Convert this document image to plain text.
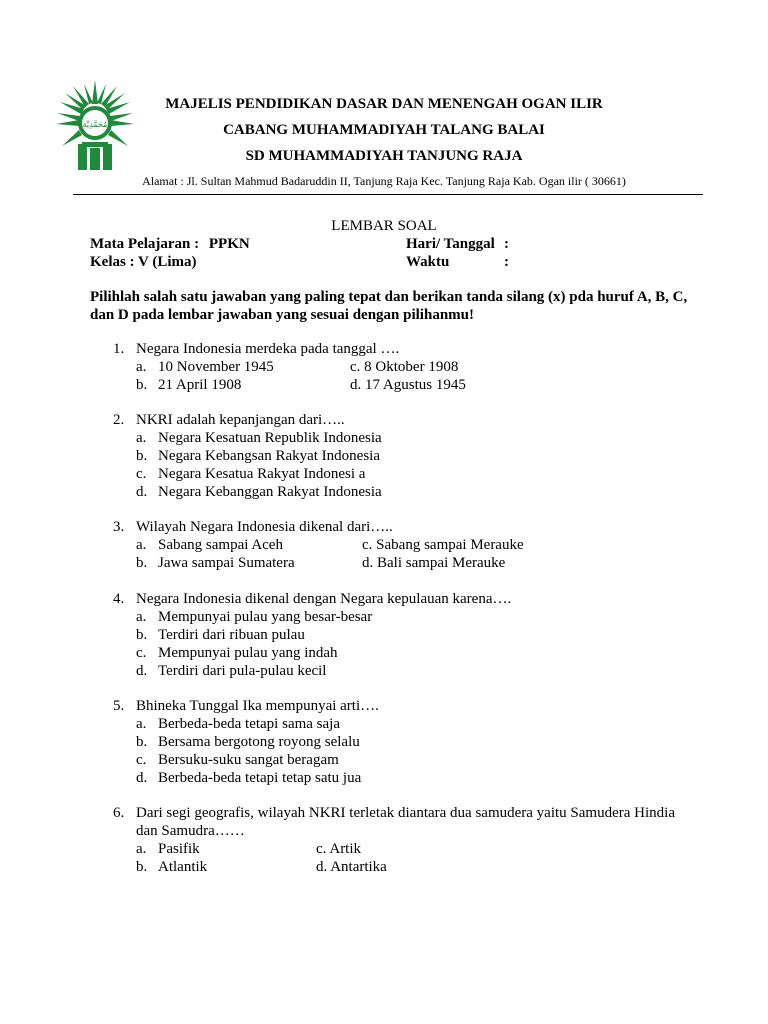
مُحَمَّدِيَّة

MAJELIS PENDIDIKAN DASAR DAN MENENGAH OGAN ILIR

CABANG MUHAMMADIYAH TALANG BALAI

SD MUHAMMADIYAH TANJUNG RAJA

Alamat : Jl. Sultan Mahmud Badaruddin II, Tanjung Raja Kec. Tanjung Raja Kab. Ogan ilir ( 30661)
LEMBAR SOAL
Mata Pelajaran : PPKN
Kelas : V (Lima)
Hari/ Tanggal :
Waktu	:
Pilihlah salah satu jawaban yang paling tepat dan berikan tanda silang (x) pda huruf A, B, C, dan D pada lembar jawaban yang sesuai dengan pilihanmu!
1. Negara Indonesia merdeka pada tanggal ….
a. 10 November 1945
b. 21 April 1908
c. 8 Oktober 1908
d. 17 Agustus 1945
2. NKRI adalah kepanjangan dari…..
a. Negara Kesatuan Republik Indonesia
b. Negara Kebangsan Rakyat Indonesia
c. Negara Kesatua Rakyat Indonesi a
d. Negara Kebanggan Rakyat Indonesia
3. Wilayah Negara Indonesia dikenal dari…..
a. Sabang sampai Aceh
b. Jawa sampai Sumatera
c. Sabang sampai Merauke
d. Bali sampai Merauke
4. Negara Indonesia dikenal dengan Negara kepulauan karena….
a. Mempunyai pulau yang besar-besar
b. Terdiri dari ribuan pulau
c. Mempunyai pulau yang indah
d. Terdiri dari pula-pulau kecil
5. Bhineka Tunggal Ika mempunyai arti….
a. Berbeda-beda tetapi sama saja
b. Bersama bergotong royong selalu
c. Bersuku-suku sangat beragam
d. Berbeda-beda tetapi tetap satu jua
6. Dari segi geografis, wilayah NKRI terletak diantara dua samudera yaitu Samudera Hindia
dan Samudra……
a. Pasifik
b. Atlantik
c. Artik
d. Antartika
